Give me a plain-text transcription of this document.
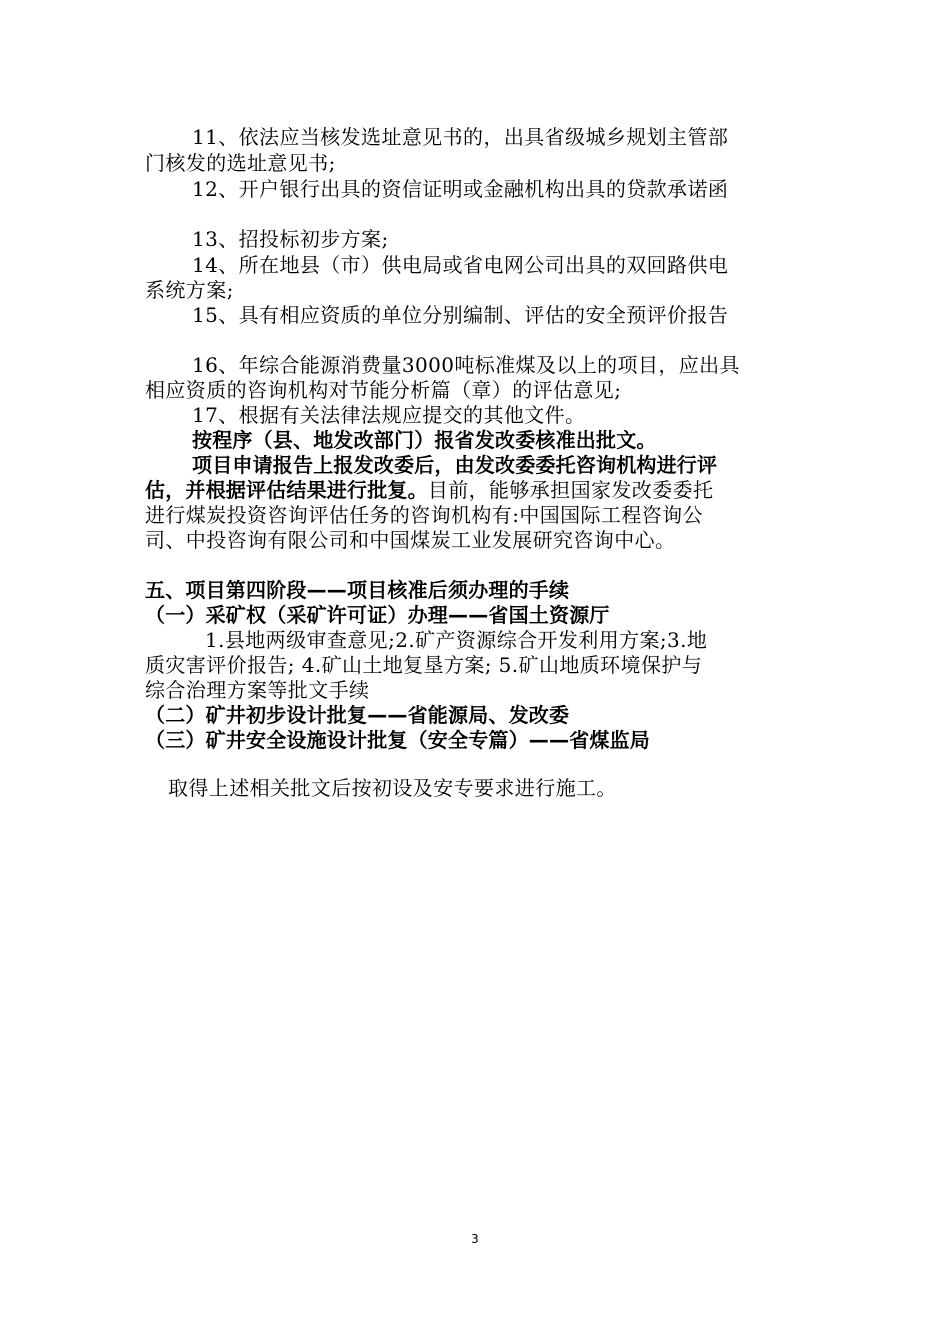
11、依法应当核发选址意见书的，出具省级城乡规划主管部
门核发的选址意见书;
12、开户银行出具的资信证明或金融机构出具的贷款承诺函
13、招投标初步方案;
14、所在地县（市）供电局或省电网公司出具的双回路供电
系统方案;
15、具有相应资质的单位分别编制、评估的安全预评价报告
16、年综合能源消费量3000吨标准煤及以上的项目，应出具
相应资质的咨询机构对节能分析篇（章）的评估意见;
17、根据有关法律法规应提交的其他文件。
按程序（县、地发改部门）报省发改委核准出批文。
项目申请报告上报发改委后，由发改委委托咨询机构进行评
估，并根据评估结果进行批复。目前，能够承担国家发改委委托
进行煤炭投资咨询评估任务的咨询机构有:中国国际工程咨询公
司、中投咨询有限公司和中国煤炭工业发展研究咨询中心。
五、项目第四阶段——项目核准后须办理的手续
（一）采矿权（采矿许可证）办理——省国土资源厅
1.县地两级审查意见;2.矿产资源综合开发利用方案;3.地
质灾害评价报告; 4.矿山土地复垦方案; 5.矿山地质环境保护与
综合治理方案等批文手续
（二）矿井初步设计批复——省能源局、发改委
（三）矿井安全设施设计批复（安全专篇）——省煤监局
取得上述相关批文后按初设及安专要求进行施工。
3
